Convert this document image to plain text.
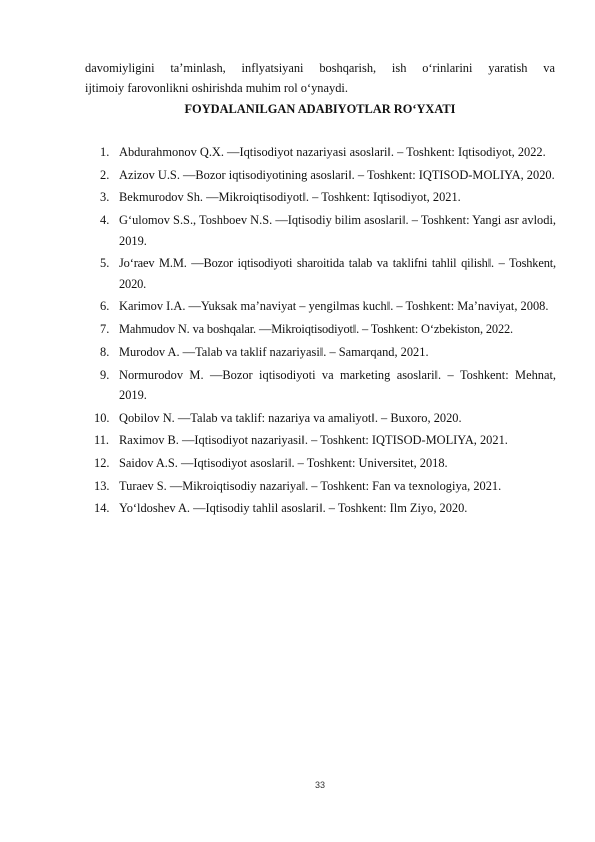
davomiyligini ta’minlash, inflyatsiyani boshqarish, ish o‘rinlarini yaratish va
ijtimoiy farovonlikni oshirishda muhim rol o‘ynaydi.
FOYDALANILGAN ADABIYOTLAR RO‘YXATI
1. Abdurahmonov Q.X. ―Iqtisodiyot nazariyasi asoslari‖. – Toshkent: Iqtisodiyot, 2022.
2. Azizov U.S. ―Bozor iqtisodiyotining asoslari‖. – Toshkent: IQTISOD-MOLIYA, 2020.
3. Bekmurodov Sh. ―Mikroiqtisodiyot‖. – Toshkent: Iqtisodiyot, 2021.
4. G‘ulomov S.S., Toshboev N.S. ―Iqtisodiy bilim asoslari‖. – Toshkent: Yangi asr avlodi, 2019.
5. Jo‘raev M.M. ―Bozor iqtisodiyoti sharoitida talab va taklifni tahlil qilish‖. – Toshkent, 2020.
6. Karimov I.A. ―Yuksak ma’naviyat – yengilmas kuch‖. – Toshkent: Ma’naviyat, 2008.
7. Mahmudov N. va boshqalar. ―Mikroiqtisodiyot‖. – Toshkent: O‘zbekiston, 2022.
8. Murodov A. ―Talab va taklif nazariyasi‖. – Samarqand, 2021.
9. Normurodov M. ―Bozor iqtisodiyoti va marketing asoslari‖. – Toshkent: Mehnat, 2019.
10. Qobilov N. ―Talab va taklif: nazariya va amaliyot‖. – Buxoro, 2020.
11. Raximov B. ―Iqtisodiyot nazariyasi‖. – Toshkent: IQTISOD-MOLIYA, 2021.
12. Saidov A.S. ―Iqtisodiyot asoslari‖. – Toshkent: Universitet, 2018.
13. Turaev S. ―Mikroiqtisodiy nazariya‖. – Toshkent: Fan va texnologiya, 2021.
14. Yo‘ldoshev A. ―Iqtisodiy tahlil asoslari‖. – Toshkent: Ilm Ziyo, 2020.
33
